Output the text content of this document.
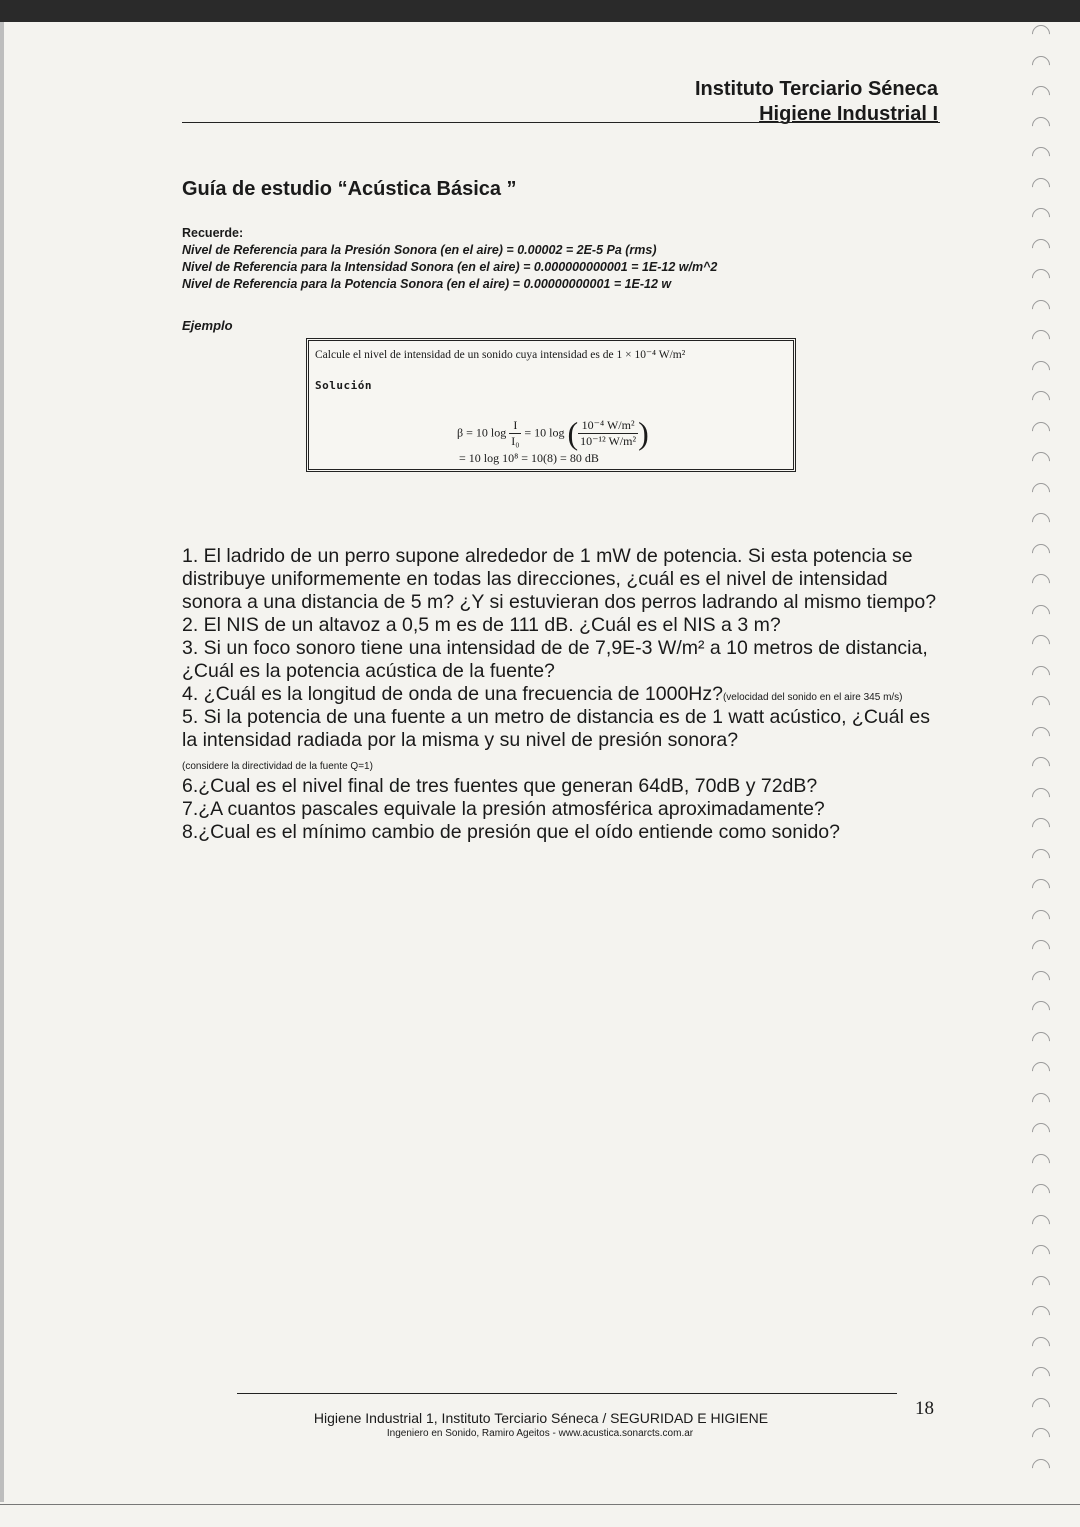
Instituto Terciario Séneca
Higiene Industrial I
Guía de estudio “Acústica Básica ”
Recuerde:
Nivel de Referencia para la Presión Sonora (en el aire) = 0.00002 = 2E-5 Pa (rms)
Nivel de Referencia para la Intensidad Sonora (en el aire) = 0.000000000001 = 1E-12 w/m^2
Nivel de Referencia para la Potencia Sonora (en el aire) = 0.00000000001 = 1E-12 w
Ejemplo
Calcule el nivel de intensidad de un sonido cuya intensidad es de 1 × 10⁻⁴ W/m²
Solución
β = 10 $\log \frac{I}{\text{I₀}} = 10$ log ( $\frac{\text{10⁻⁴ W/m²}}{\text{10⁻¹² W/m²}}$ )
= 10 log 10⁸ = 10(8) = 80 dB
1. El ladrido de un perro supone alrededor de 1 mW de potencia. Si esta potencia se distribuye uniformemente en todas las direcciones, ¿cuál es el nivel de intensidad sonora a una distancia de 5 m? ¿Y si estuvieran dos perros ladrando al mismo tiempo?
2. El NIS de un altavoz a 0,5 m es de 111 dB. ¿Cuál es el NIS a 3 m?
3. Si un foco sonoro tiene una intensidad de de 7,9E-3 W/m² a 10 metros de distancia, ¿Cuál es la potencia acústica de la fuente?
4. ¿Cuál es la longitud de onda de una frecuencia de 1000Hz?(velocidad del sonido en el aire 345 m/s)
5. Si la potencia de una fuente a un metro de distancia es de 1 watt acústico, ¿Cuál es la intensidad radiada por la misma y su nivel de presión sonora?
(considere la directividad de la fuente Q=1)
6.¿Cual es el nivel final de tres fuentes que generan 64dB, 70dB y 72dB?
7.¿A cuantos pascales equivale la presión atmosférica aproximadamente?
8.¿Cual es el mínimo cambio de presión que el oído entiende como sonido?
18
Higiene Industrial 1, Instituto Terciario Séneca / SEGURIDAD E HIGIENE
Ingeniero en Sonido, Ramiro Ageitos - www.acustica.sonarcts.com.ar
